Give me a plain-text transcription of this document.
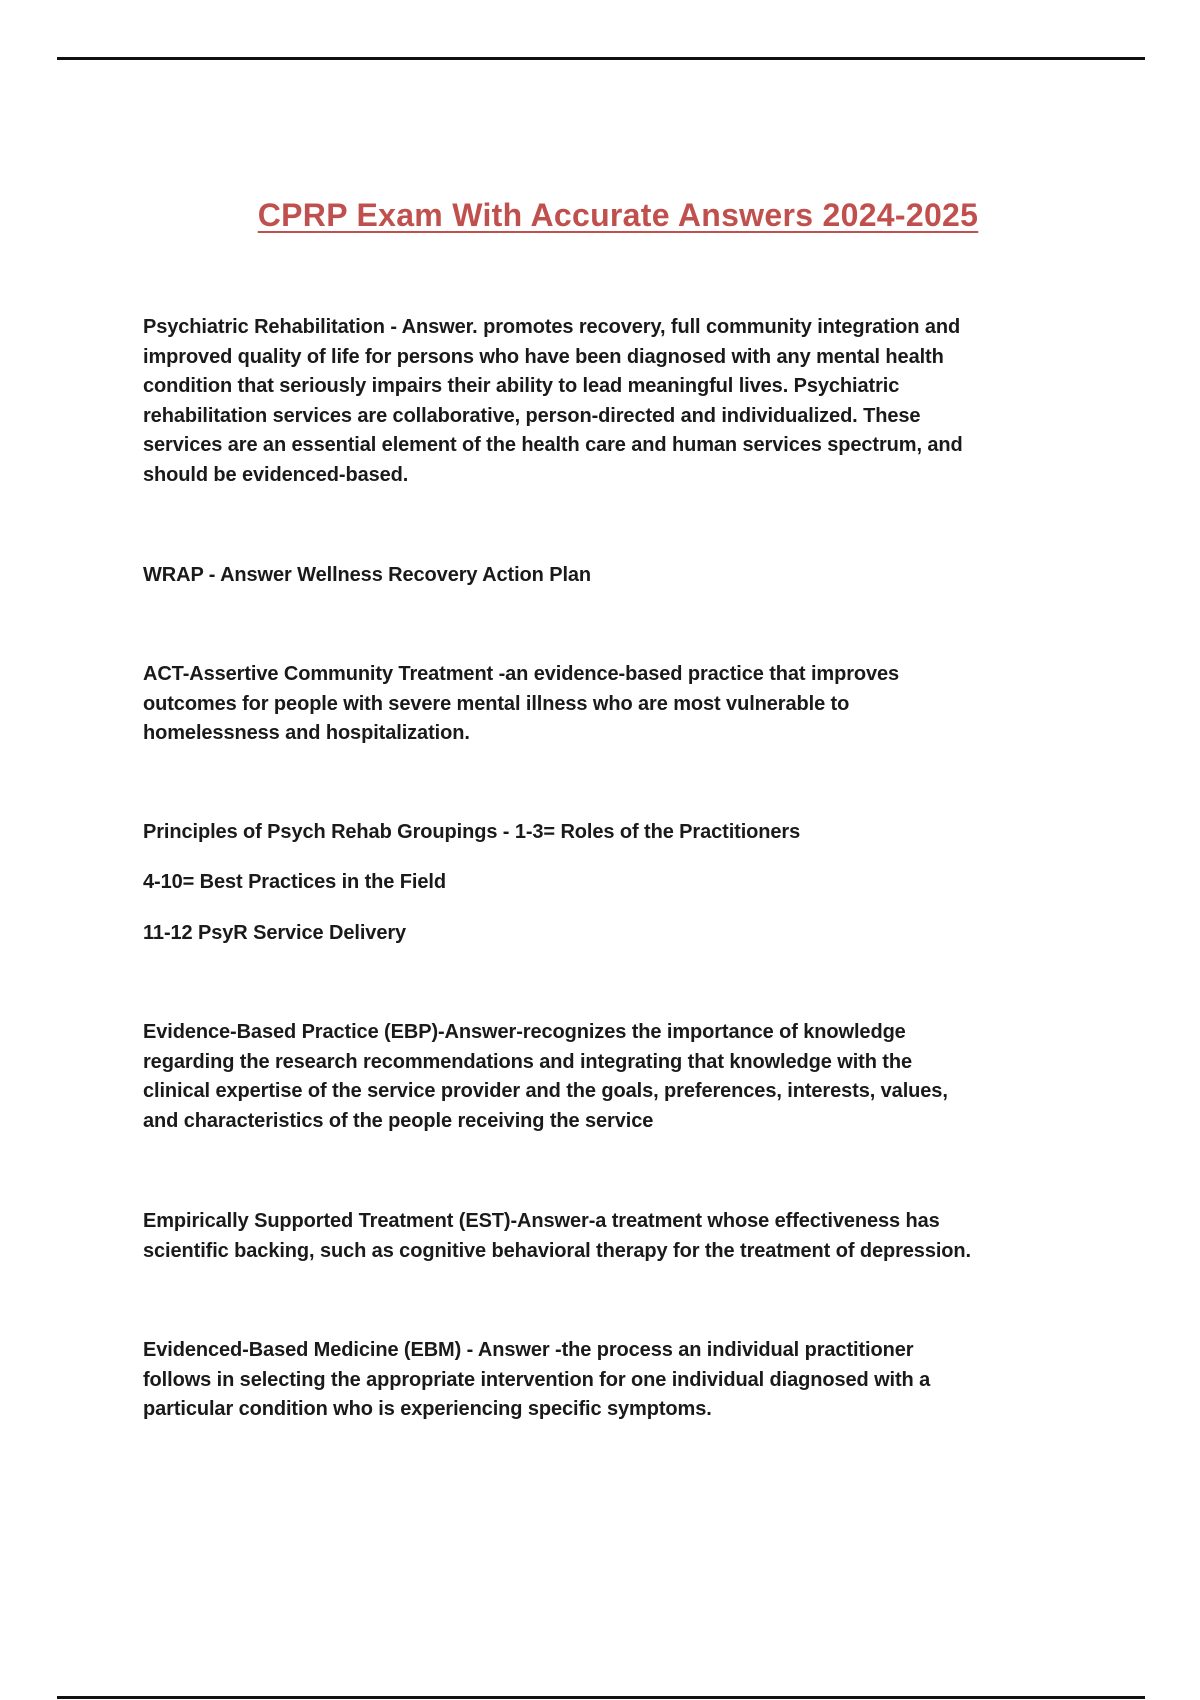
CPRP Exam With Accurate Answers 2024-2025
Psychiatric Rehabilitation - Answer. promotes recovery, full community integration and
improved quality of life for persons who have been diagnosed with any mental health
condition that seriously impairs their ability to lead meaningful lives. Psychiatric
rehabilitation services are collaborative, person-directed and individualized. These
services are an essential element of the health care and human services spectrum, and
should be evidenced-based.
WRAP - Answer Wellness Recovery Action Plan
ACT-Assertive Community Treatment -an evidence-based practice that improves
outcomes for people with severe mental illness who are most vulnerable to
homelessness and hospitalization.
Principles of Psych Rehab Groupings - 1-3= Roles of the Practitioners
4-10= Best Practices in the Field
11-12 PsyR Service Delivery
Evidence-Based Practice (EBP)-Answer-recognizes the importance of knowledge
regarding the research recommendations and integrating that knowledge with the
clinical expertise of the service provider and the goals, preferences, interests, values,
and characteristics of the people receiving the service
Empirically Supported Treatment (EST)-Answer-a treatment whose effectiveness has
scientific backing, such as cognitive behavioral therapy for the treatment of depression.
Evidenced-Based Medicine (EBM) - Answer -the process an individual practitioner
follows in selecting the appropriate intervention for one individual diagnosed with a
particular condition who is experiencing specific symptoms.
